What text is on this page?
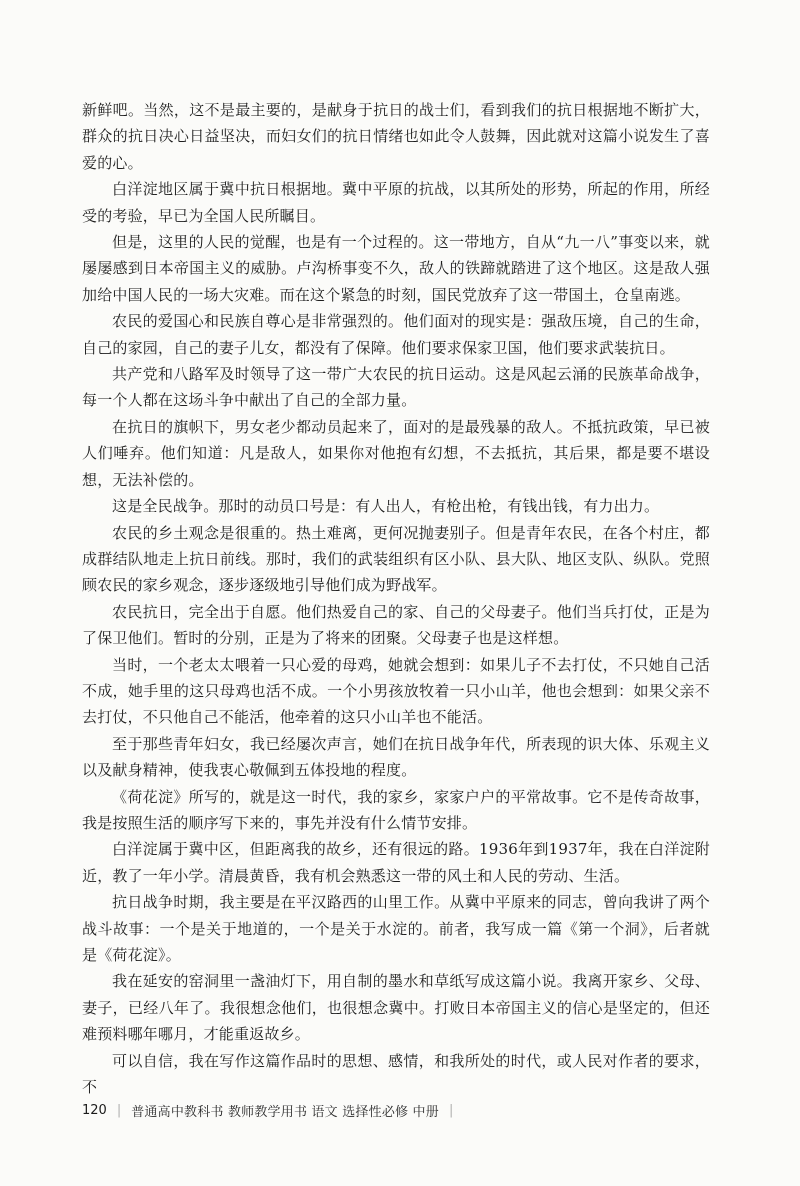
新鲜吧。当然，这不是最主要的，是献身于抗日的战士们，看到我们的抗日根据地不断扩大，群众的抗日决心日益坚决，而妇女们的抗日情绪也如此令人鼓舞，因此就对这篇小说发生了喜爱的心。

白洋淀地区属于冀中抗日根据地。冀中平原的抗战，以其所处的形势，所起的作用，所经受的考验，早已为全国人民所瞩目。

但是，这里的人民的觉醒，也是有一个过程的。这一带地方，自从“九一八”事变以来，就屡屡感到日本帝国主义的威胁。卢沟桥事变不久，敌人的铁蹄就踏进了这个地区。这是敌人强加给中国人民的一场大灾难。而在这个紧急的时刻，国民党放弃了这一带国土，仓皇南逃。

农民的爱国心和民族自尊心是非常强烈的。他们面对的现实是：强敌压境，自己的生命，自己的家园，自己的妻子儿女，都没有了保障。他们要求保家卫国，他们要求武装抗日。

共产党和八路军及时领导了这一带广大农民的抗日运动。这是风起云涌的民族革命战争，每一个人都在这场斗争中献出了自己的全部力量。

在抗日的旗帜下，男女老少都动员起来了，面对的是最残暴的敌人。不抵抗政策，早已被人们唾弃。他们知道：凡是敌人，如果你对他抱有幻想，不去抵抗，其后果，都是要不堪设想，无法补偿的。

这是全民战争。那时的动员口号是：有人出人，有枪出枪，有钱出钱，有力出力。

农民的乡土观念是很重的。热土难离，更何况抛妻别子。但是青年农民，在各个村庄，都成群结队地走上抗日前线。那时，我们的武装组织有区小队、县大队、地区支队、纵队。党照顾农民的家乡观念，逐步逐级地引导他们成为野战军。

农民抗日，完全出于自愿。他们热爱自己的家、自己的父母妻子。他们当兵打仗，正是为了保卫他们。暂时的分别，正是为了将来的团聚。父母妻子也是这样想。

当时，一个老太太喂着一只心爱的母鸡，她就会想到：如果儿子不去打仗，不只她自己活不成，她手里的这只母鸡也活不成。一个小男孩放牧着一只小山羊，他也会想到：如果父亲不去打仗，不只他自己不能活，他牵着的这只小山羊也不能活。

至于那些青年妇女，我已经屡次声言，她们在抗日战争年代，所表现的识大体、乐观主义以及献身精神，使我衷心敬佩到五体投地的程度。

《荷花淀》所写的，就是这一时代，我的家乡，家家户户的平常故事。它不是传奇故事，我是按照生活的顺序写下来的，事先并没有什么情节安排。

白洋淀属于冀中区，但距离我的故乡，还有很远的路。1936年到1937年，我在白洋淀附近，教了一年小学。清晨黄昏，我有机会熟悉这一带的风土和人民的劳动、生活。

抗日战争时期，我主要是在平汉路西的山里工作。从冀中平原来的同志，曾向我讲了两个战斗故事：一个是关于地道的，一个是关于水淀的。前者，我写成一篇《第一个洞》，后者就是《荷花淀》。

我在延安的窑洞里一盏油灯下，用自制的墨水和草纸写成这篇小说。我离开家乡、父母、妻子，已经八年了。我很想念他们，也很想念冀中。打败日本帝国主义的信心是坚定的，但还难预料哪年哪月，才能重返故乡。

可以自信，我在写作这篇作品时的思想、感情，和我所处的时代，或人民对作者的要求，不

120 | 普通高中教科书 教师教学用书 语文 选择性必修 中册 |
